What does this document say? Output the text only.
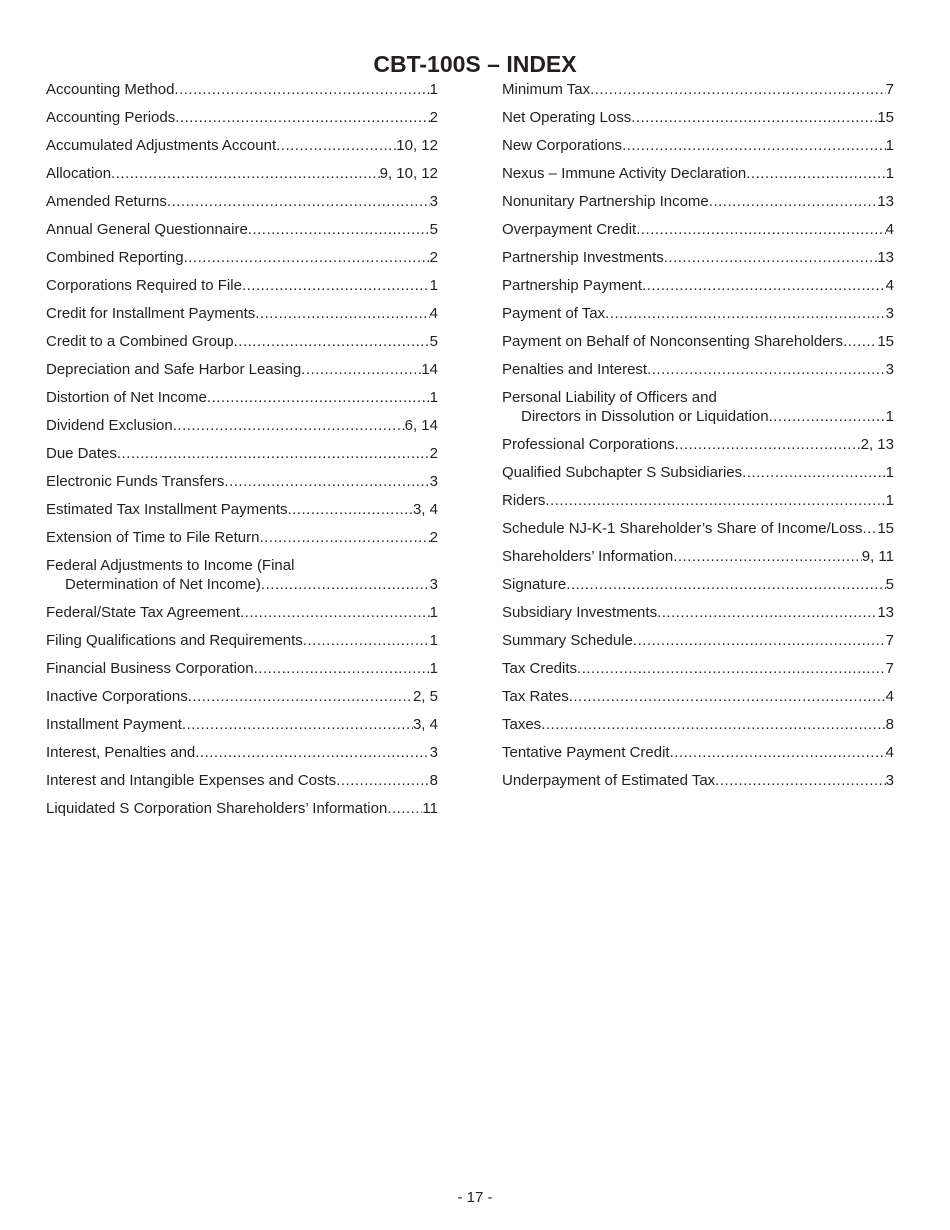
CBT-100S – INDEX
Accounting Method .....	1
Accounting Periods .....	2
Accumulated Adjustments Account .....	10, 12
Allocation .....	9, 10, 12
Amended Returns .....	3
Annual General Questionnaire .....	5
Combined Reporting .....	2
Corporations Required to File .....	1
Credit for Installment Payments .....	4
Credit to a Combined Group .....	5
Depreciation and Safe Harbor Leasing .....	14
Distortion of Net Income .....	1
Dividend Exclusion .....	6, 14
Due Dates .....	2
Electronic Funds Transfers .....	3
Estimated Tax Installment Payments .....	3, 4
Extension of Time to File Return .....	2
Federal Adjustments to Income (Final
Determination of Net Income) .....	3
Federal/State Tax Agreement .....	1
Filing Qualifications and Requirements .....	1
Financial Business Corporation .....	1
Inactive Corporations .....	2, 5
Installment Payment .....	3, 4
Interest, Penalties and .....	3
Interest and Intangible Expenses and Costs .....	8
Liquidated S Corporation Shareholders’ Information ..... 11
Minimum Tax .....	7
Net Operating Loss .....	15
New Corporations .....	1
Nexus – Immune Activity Declaration .....	1
Nonunitary Partnership Income .....	13
Overpayment Credit .....	4
Partnership Investments .....	13
Partnership Payment .....	4
Payment of Tax .....	3
Payment on Behalf of Nonconsenting Shareholders ..... 15
Penalties and Interest .....	3
Personal Liability of Officers and
Directors in Dissolution or Liquidation .....	1
Professional Corporations .....	2, 13
Qualified Subchapter S Subsidiaries .....	1
Riders .....	1
Schedule NJ-K-1 Shareholder’s Share of Income/Loss ..... 15
Shareholders’ Information .....	9, 11
Signature .....	5
Subsidiary Investments .....	13
Summary Schedule .....	7
Tax Credits .....	7
Tax Rates .....	4
Taxes .....	8
Tentative Payment Credit .....	4
Underpayment of Estimated Tax .....	3
- 17 -
